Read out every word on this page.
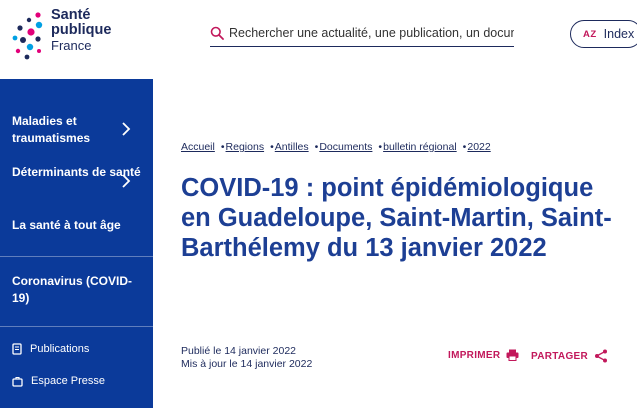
Santé
publique
France
Rechercher une actualité, une publication, un document...
AZ Index
Maladies et traumatismes
Déterminants de santé
La santé à tout âge
Coronavirus (COVID-19)
Publications
Espace Presse
Accueil • Regions • Antilles • Documents • bulletin régional • 2022
COVID-19 : point épidémiologique en Guadeloupe, Saint-Martin, Saint-Barthélemy du 13 janvier 2022
Publié le 14 janvier 2022
Mis à jour le 14 janvier 2022
IMPRIMER	PARTAGER
